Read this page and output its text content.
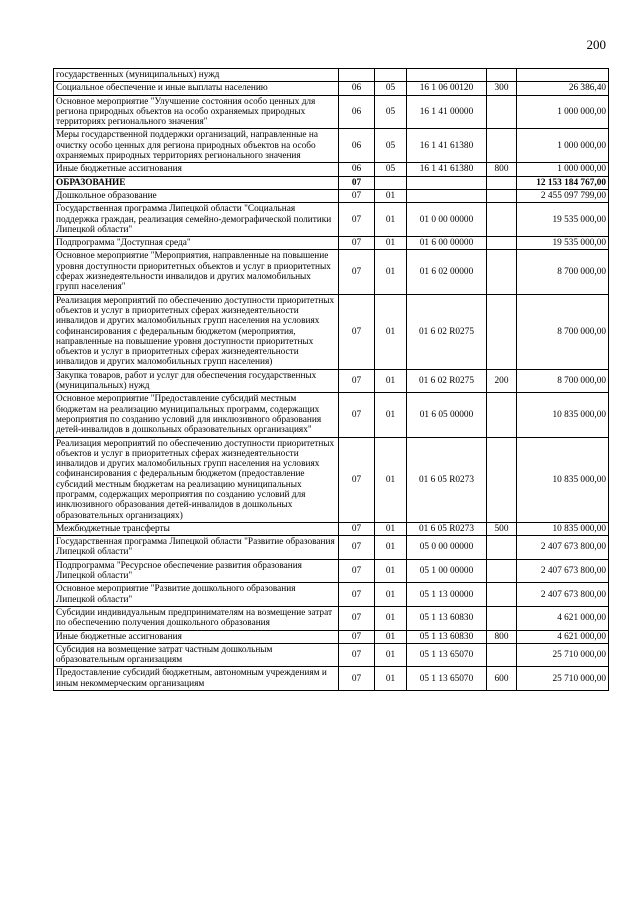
200
государственных (муниципальных) нужд					
Социальное обеспечение и иные выплаты населению	06	05	16 1 06 00120	300	26 386,40
Основное мероприятие "Улучшение состояния особо ценных для региона природных объектов на особо охраняемых природных территориях регионального значения"	06	05	16 1 41 00000		1 000 000,00
Меры государственной поддержки организаций, направленные на очистку особо ценных для региона природных объектов на особо охраняемых природных территориях регионального значения	06	05	16 1 41 61380		1 000 000,00
Иные бюджетные ассигнования	06	05	16 1 41 61380	800	1 000 000,00
ОБРАЗОВАНИЕ	07				12 153 184 767,00
Дошкольное образование	07	01			2 455 097 799,00
Государственная программа Липецкой области "Социальная поддержка граждан, реализация семейно-демографической политики Липецкой области"	07	01	01 0 00 00000		19 535 000,00
Подпрограмма "Доступная среда"	07	01	01 6 00 00000		19 535 000,00
Основное мероприятие "Мероприятия, направленные на повышение уровня доступности приоритетных объектов и услуг в приоритетных сферах жизнедеятельности инвалидов и других маломобильных групп населения"	07	01	01 6 02 00000		8 700 000,00
Реализация мероприятий по обеспечению доступности приоритетных объектов и услуг в приоритетных сферах жизнедеятельности инвалидов и других маломобильных групп населения на условиях софинансирования с федеральным бюджетом (мероприятия, направленные на повышение уровня доступности приоритетных объектов и услуг в приоритетных сферах жизнедеятельности инвалидов и других маломобильных групп населения)	07	01	01 6 02 R0275		8 700 000,00
Закупка товаров, работ и услуг для обеспечения государственных (муниципальных) нужд	07	01	01 6 02 R0275	200	8 700 000,00
Основное мероприятие "Предоставление субсидий местным бюджетам на реализацию муниципальных программ, содержащих мероприятия по созданию условий для инклюзивного образования детей-инвалидов в дошкольных образовательных организациях"	07	01	01 6 05 00000		10 835 000,00
Реализация мероприятий по обеспечению доступности приоритетных объектов и услуг в приоритетных сферах жизнедеятельности инвалидов и других маломобильных групп населения на условиях софинансирования с федеральным бюджетом (предоставление субсидий местным бюджетам на реализацию муниципальных программ, содержащих мероприятия по созданию условий для инклюзивного образования детей-инвалидов в дошкольных образовательных организациях)	07	01	01 6 05 R0273		10 835 000,00
Межбюджетные трансферты	07	01	01 6 05 R0273	500	10 835 000,00
Государственная программа Липецкой области "Развитие образования Липецкой области"	07	01	05 0 00 00000		2 407 673 800,00
Подпрограмма "Ресурсное обеспечение развития образования Липецкой области"	07	01	05 1 00 00000		2 407 673 800,00
Основное мероприятие "Развитие дошкольного образования Липецкой области"	07	01	05 1 13 00000		2 407 673 800,00
Субсидии индивидуальным предпринимателям на возмещение затрат по обеспечению получения дошкольного образования	07	01	05 1 13 60830		4 621 000,00
Иные бюджетные ассигнования	07	01	05 1 13 60830	800	4 621 000,00
Субсидия на возмещение затрат частным дошкольным образовательным организациям	07	01	05 1 13 65070		25 710 000,00
Предоставление субсидий бюджетным, автономным учреждениям и иным некоммерческим организациям	07	01	05 1 13 65070	600	25 710 000,00
